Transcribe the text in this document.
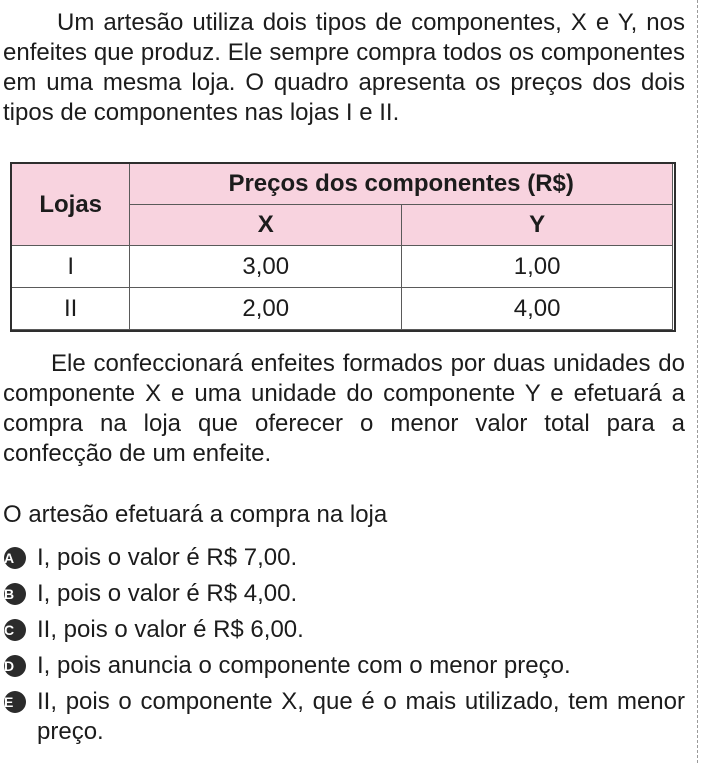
Um artesão utiliza dois tipos de componentes, X e Y, nos enfeites que produz. Ele sempre compra todos os componentes em uma mesma loja. O quadro apresenta os preços dos dois tipos de componentes nas lojas I e II.

Lojas	Preços dos componentes (R$)	
	X	Y
I	3,00	1,00
II	2,00	4,00

Ele confeccionará enfeites formados por duas unidades do componente X e uma unidade do componente Y e efetuará a compra na loja que oferecer o menor valor total para a confecção de um enfeite.

O artesão efetuará a compra na loja

A I, pois o valor é R$ 7,00.
B I, pois o valor é R$ 4,00.
C II, pois o valor é R$ 6,00.
D I, pois anuncia o componente com o menor preço.
E II, pois o componente X, que é o mais utilizado, tem menor preço.
